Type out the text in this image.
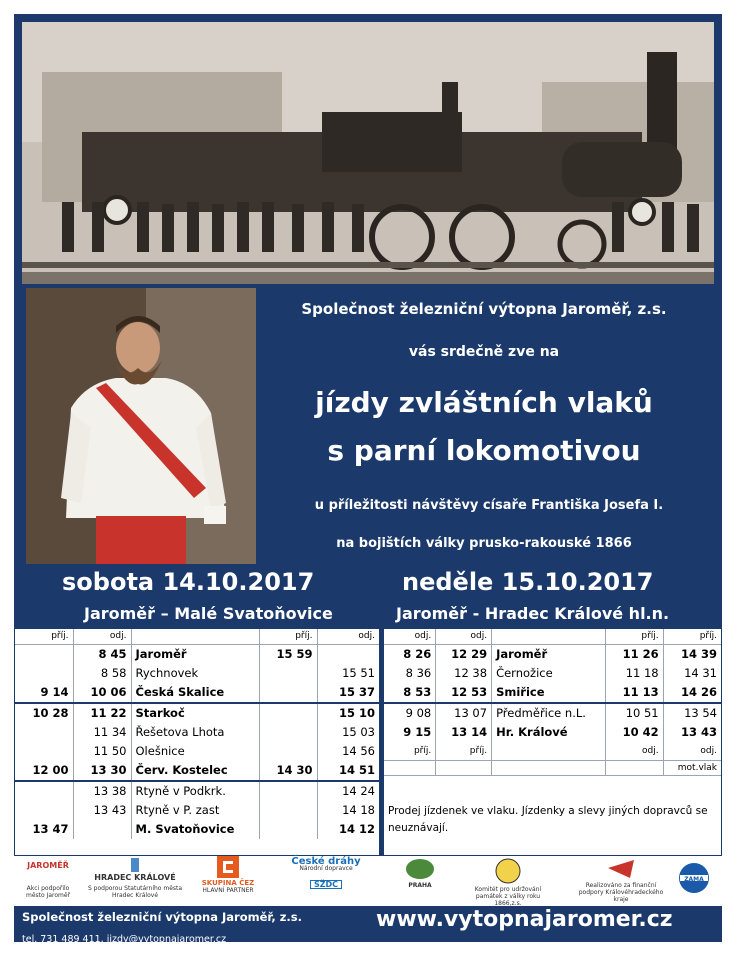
Společnost železniční výtopna Jaroměř, z.s.
vás srdečně zve na
jízdy zvláštních vlaků
s parní lokomotivou
u příležitosti návštěvy císaře Františka Josefa I.
na bojištích války prusko-rakouské 1866
sobota 14.10.2017	neděle 15.10.2017
Jaroměř – Malé Svatoňovice	Jaroměř - Hradec Králové hl.n.
příj.	odj.		příj.	odj.
	8 45	Jaroměř	15 59	
	8 58	Rychnovek		15 51
9 14	10 06	Česká Skalice		15 37
10 28	11 22	Starkoč		15 10
	11 34	Řešetova Lhota		15 03
	11 50	Olešnice		14 56
12 00	13 30	Červ. Kostelec	14 30	14 51
	13 38	Rtyně v Podkrk.		14 24
	13 43	Rtyně v P. zast		14 18
13 47		M. Svatoňovice		14 12
odj.	odj.		příj.	příj.
8 26	12 29	Jaroměř	11 26	14 39
8 36	12 38	Černožice	11 18	14 31
8 53	12 53	Smiřice	11 13	14 26
9 08	13 07	Předměřice n.L.	10 51	13 54
9 15	13 14	Hr. Králové	10 42	13 43
příj.	příj.		odj.	odj.
				mot.vlak
Prodej jízdenek ve vlaku. Jízdenky a slevy jiných dopravců se neuznávají.
JAROMĚŘ
Akci podpořilo město Jaroměř
HRADEC KRÁLOVÉ
S podporou Statutárního města Hradec Králové
SKUPINA ČEZ
HLAVNÍ PARTNER
České dráhy
Národní dopravce
SŽDC	PRAHA
Komitét pro udržování památek z války roku 1866,z.s.
Realizováno za finanční podpory Královéhradeckého kraje
ZAMA
Společnost železniční výtopna Jaroměř, z.s.
tel. 731 489 411, jizdy@vytopnajaromer.cz
www.vytopnajaromer.cz
